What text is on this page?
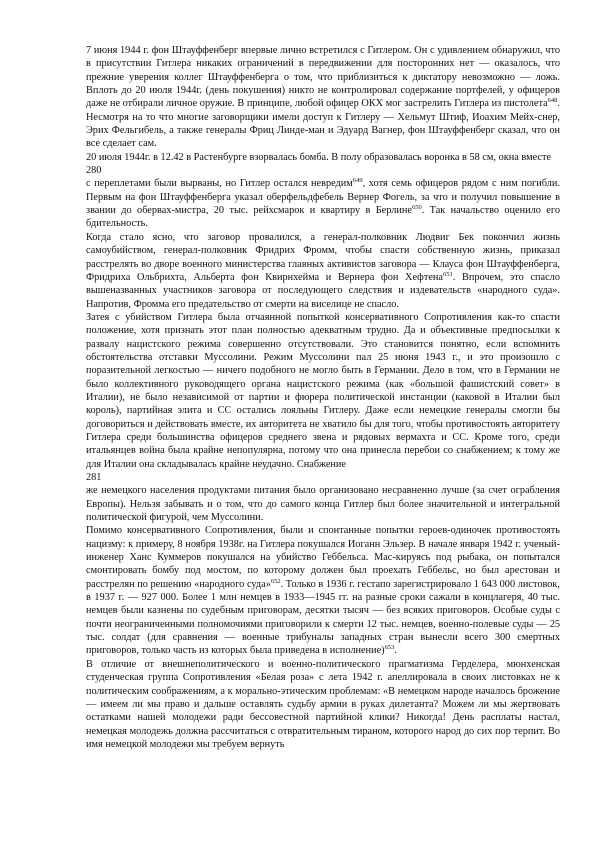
7 июня 1944 г. фон Штауффенберг впервые лично встретился с Гитлером. Он с удивлением обнаружил, что в присутствии Гитлера никаких ограничений в передвижении для посторонних нет — оказалось, что прежние уверения коллег Штауффенберга о том, что приблизиться к диктатору невозможно — ложь. Вплоть до 20 июля 1944г. (день покушения) никто не контролировал содержание портфелей, у офицеров даже не отбирали личное оружие. В принципе, любой офицер ОКХ мог застрелить Гитлера из пистолета$^{648}$. Несмотря на то что многие заговорщики имели доступ к Гитлеру — Хельмут Штиф, Иоахим Мейх-снер, Эрих Фельгибель, а также генералы Фриц Линде-ман и Эдуард Вагнер, фон Штауффенберг сказал, что он все сделает сам.

20 июля 1944г. в 12.42 в Растенбурге взорвалась бомба. В полу образовалась воронка в 58 см, окна вместе

280

с переплетами были вырваны, но Гитлер остался невредим$^{649}$, хотя семь офицеров рядом с ним погибли. Первым на фон Штауффенберга указал оберфельдфебель Вернер Фогель, за что и получил повышение в звании до оберваx-мистра, 20 тыс. рейхсмарок и квартиру в Берлине$^{650}$. Так начальство оценило его бдительность.

Когда стало ясно, что заговор провалился, а генерал-полковник Людвиг Бек покончил жизнь самоубийством, генерал-полковник Фридрих Фромм, чтобы спасти собственную жизнь, приказал расстрелять во дворе военного министерства главных активистов заговора — Клауса фон Штауффенберга, Фридриха Ольбрихта, Альберта фон Квирнхейма и Вернера фон Хефтена$^{651}$. Впрочем, это спасло вышеназванных участников заговора от последующего следствия и издевательств «народного суда». Напротив, Фромма его предательство от смерти на виселице не спасло.

Затея с убийством Гитлера была отчаянной попыткой консервативного Сопротивления как-то спасти положение, хотя признать этот план полностью адекватным трудно. Да и объективные предпосылки к развалу нацистского режима совершенно отсутствовали. Это становится понятно, если вспомнить обстоятельства отставки Муссолини. Режим Муссолини пал 25 июня 1943 г., и это произошло с поразительной легкостью — ничего подобного не могло быть в Германии. Дело в том, что в Германии не было коллективного руководящего органа нацистского режима (как «большой фашистский совет» в Италии), не было независимой от партии и фюрера политической инстанции (каковой в Италии был король), партийная элита и СС остались лояльны Гитлеру. Даже если немецкие генералы смогли бы договориться и действовать вместе, их авторитета не хватило бы для того, чтобы противостоять авторитету Гитлера среди большинства офицеров среднего звена и рядовых вермахта и СС. Кроме того, среди итальянцев война была крайне непопулярна, потому что она принесла перебои со снабжением; к тому же для Италии она складывалась крайне неудачно. Снабжение

281

же немецкого населения продуктами питания было организовано несравненно лучше (за счет ограбления Европы). Нельзя забывать и о том, что до самого конца Гитлер был более значительной и интегральной политической фигурой, чем Муссолини.

Помимо консервативного Сопротивления, были и спонтанные попытки героев-одиночек противостоять нацизму: к примеру, 8 ноября 1938г. на Гитлера покушался Иоганн Эльзер. В начале января 1942 г. ученый-инженер Ханс Куммеров покушался на убийство Геббельса. Мас-кируясь под рыбака, он попытался смонтировать бомбу под мостом, по которому должен был проехать Геббельс, но был арестован и расстрелян по решению «народного суда»$^{652}$. Только в 1936 г. гестапо зарегистрировало 1 643 000 листовок, в 1937 г. — 927 000. Более 1 млн немцев в 1933—1945 гг. на разные сроки сажали в концлагеря, 40 тыс. немцев были казнены по судебным приговорам, десятки тысяч — без всяких приговоров. Особые суды с почти неограниченными полномочиями приговорили к смерти 12 тыс. немцев, военно-полевые суды — 25 тыс. солдат (для сравнения — военные трибуналы западных стран вынесли всего 300 смертных приговоров, только часть из которых была приведена в исполнение)$^{653}$.

В отличие от внешнеполитического и военно-политического прагматизма Герделера, мюнхенская студенческая группа Сопротивления «Белая роза» с лета 1942 г. апеллировала в своих листовках не к политическим соображениям, а к морально-этическим проблемам: «В немецком народе началось брожение — имеем ли мы право и дальше оставлять судьбу армии в руках дилетанта? Можем ли мы жертвовать остатками нашей молодежи ради бессовестной партийной клики? Никогда! День расплаты настал, немецкая молодежь должна рассчитаться с отвратительным тираном, которого народ до сих пор терпит. Во имя немецкой молодежи мы требуем вернуть
